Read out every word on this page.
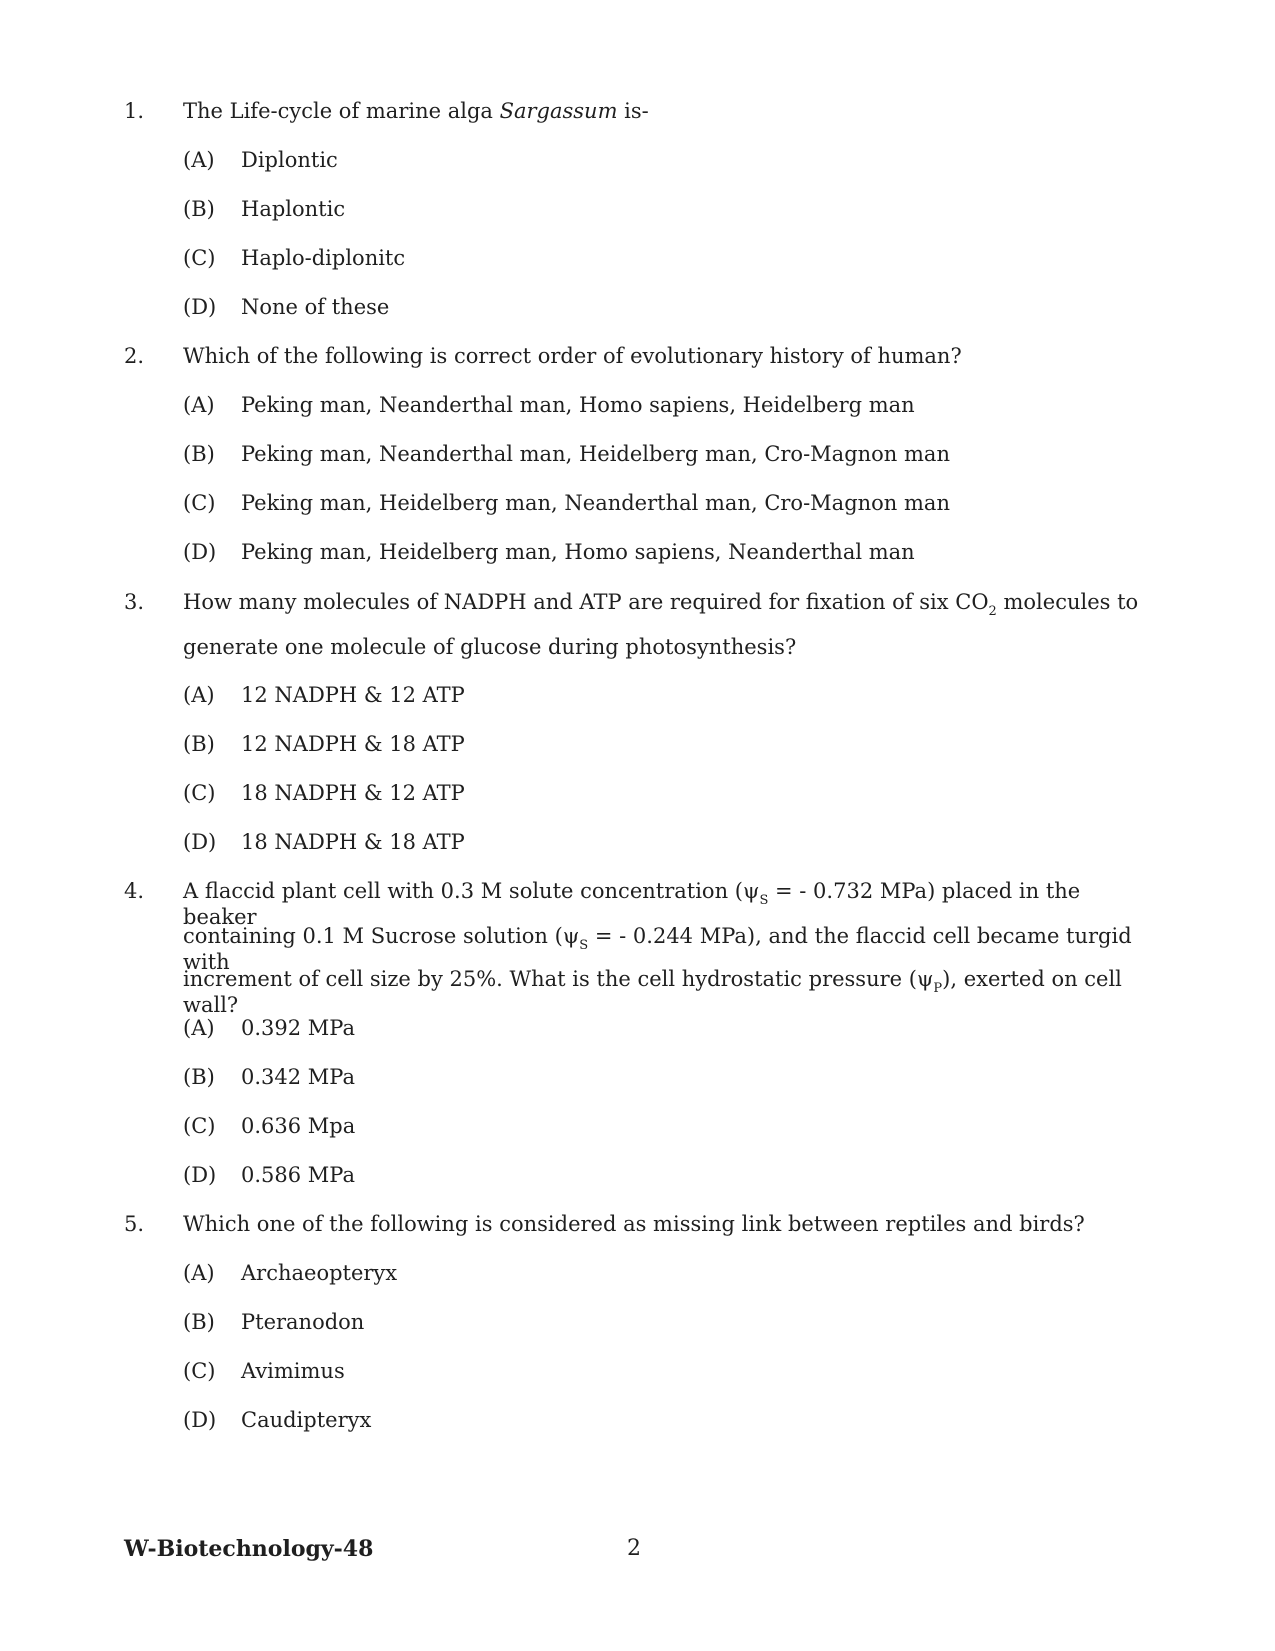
1. The Life-cycle of marine alga Sargassum is-
(A) Diplontic
(B) Haplontic
(C) Haplo-diplonitc
(D) None of these
2. Which of the following is correct order of evolutionary history of human?
(A) Peking man, Neanderthal man, Homo sapiens, Heidelberg man
(B) Peking man, Neanderthal man, Heidelberg man, Cro-Magnon man
(C) Peking man, Heidelberg man, Neanderthal man, Cro-Magnon man
(D) Peking man, Heidelberg man, Homo sapiens, Neanderthal man
3. How many molecules of NADPH and ATP are required for fixation of six $CO_2$ molecules to
generate one molecule of glucose during photosynthesis?
(A) 12 NADPH & 12 ATP
(B) 12 NADPH & 18 ATP
(C) 18 NADPH & 12 ATP
(D) 18 NADPH & 18 ATP
4. A flaccid plant cell with 0.3 M solute concentration ($\psi_S$ = - 0.732 MPa) placed in the beaker
containing 0.1 M Sucrose solution ($\psi_S$ = - 0.244 MPa), and the flaccid cell became turgid with
increment of cell size by 25%. What is the cell hydrostatic pressure $(\psi_P)$, exerted on cell wall?
(A) 0.392 MPa
(B) 0.342 MPa
(C) 0.636 Mpa
(D) 0.586 MPa
5. Which one of the following is considered as missing link between reptiles and birds?
(A) Archaeopteryx
(B) Pteranodon
(C) Avimimus
(D) Caudipteryx
W-Biotechnology-48	2
